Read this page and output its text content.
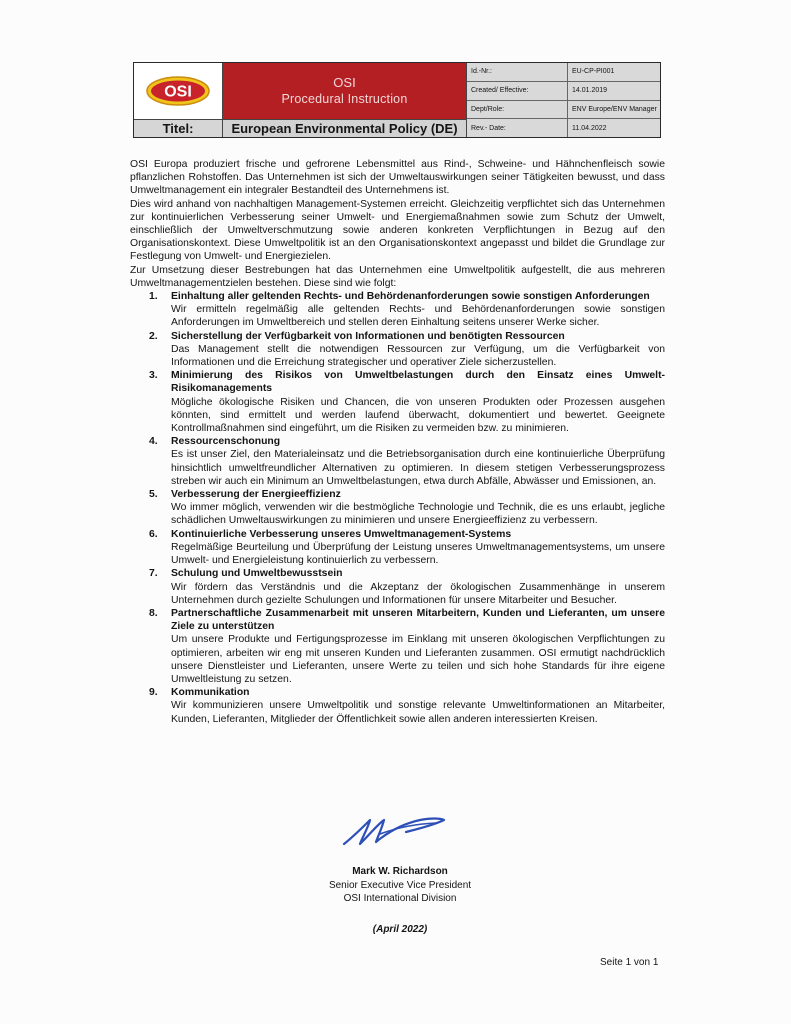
OSI
Titel:
OSI
Procedural Instruction
European Environmental Policy (DE)
Id.-Nr.:	EU-CP-PI001
Created/ Effective:	14.01.2019
Dept/Role:	ENV Europe/ENV Manager
Rev.- Date:	11.04.2022

OSI Europa produziert frische und gefrorene Lebensmittel aus Rind-, Schweine- und Hähnchenfleisch sowie pflanzlichen Rohstoffen. Das Unternehmen ist sich der Umweltauswirkungen seiner Tätigkeiten bewusst, und dass Umweltmanagement ein integraler Bestandteil des Unternehmens ist.

Dies wird anhand von nachhaltigen Management-Systemen erreicht. Gleichzeitig verpflichtet sich das Unternehmen zur kontinuierlichen Verbesserung seiner Umwelt- und Energiemaßnahmen sowie zum Schutz der Umwelt, einschließlich der Umweltverschmutzung sowie anderen konkreten Verpflichtungen in Bezug auf den Organisationskontext. Diese Umweltpolitik ist an den Organisationskontext angepasst und bildet die Grundlage zur Festlegung von Umwelt- und Energiezielen.

Zur Umsetzung dieser Bestrebungen hat das Unternehmen eine Umweltpolitik aufgestellt, die aus mehreren Umweltmanagementzielen bestehen. Diese sind wie folgt:

1. Einhaltung aller geltenden Rechts- und Behördenanforderungen sowie sonstigen Anforderungen
Wir ermitteln regelmäßig alle geltenden Rechts- und Behördenanforderungen sowie sonstigen Anforderungen im Umweltbereich und stellen deren Einhaltung seitens unserer Werke sicher.
2. Sicherstellung der Verfügbarkeit von Informationen und benötigten Ressourcen
Das Management stellt die notwendigen Ressourcen zur Verfügung, um die Verfügbarkeit von Informationen und die Erreichung strategischer und operativer Ziele sicherzustellen.
3. Minimierung des Risikos von Umweltbelastungen durch den Einsatz eines Umwelt-Risikomanagements
Mögliche ökologische Risiken und Chancen, die von unseren Produkten oder Prozessen ausgehen könnten, sind ermittelt und werden laufend überwacht, dokumentiert und bewertet. Geeignete Kontrollmaßnahmen sind eingeführt, um die Risiken zu vermeiden bzw. zu minimieren.
4. Ressourcenschonung
Es ist unser Ziel, den Materialeinsatz und die Betriebsorganisation durch eine kontinuierliche Überprüfung hinsichtlich umweltfreundlicher Alternativen zu optimieren. In diesem stetigen Verbesserungsprozess streben wir auch ein Minimum an Umweltbelastungen, etwa durch Abfälle, Abwässer und Emissionen, an.
5. Verbesserung der Energieeffizienz
Wo immer möglich, verwenden wir die bestmögliche Technologie und Technik, die es uns erlaubt, jegliche schädlichen Umweltauswirkungen zu minimieren und unsere Energieeffizienz zu verbessern.
6. Kontinuierliche Verbesserung unseres Umweltmanagement-Systems
Regelmäßige Beurteilung und Überprüfung der Leistung unseres Umweltmanagementsystems, um unsere Umwelt- und Energieleistung kontinuierlich zu verbessern.
7. Schulung und Umweltbewusstsein
Wir fördern das Verständnis und die Akzeptanz der ökologischen Zusammenhänge in unserem Unternehmen durch gezielte Schulungen und Informationen für unsere Mitarbeiter und Besucher.
8. Partnerschaftliche Zusammenarbeit mit unseren Mitarbeitern, Kunden und Lieferanten, um unsere Ziele zu unterstützen
Um unsere Produkte und Fertigungsprozesse im Einklang mit unseren ökologischen Verpflichtungen zu optimieren, arbeiten wir eng mit unseren Kunden und Lieferanten zusammen. OSI ermutigt nachdrücklich unsere Dienstleister und Lieferanten, unsere Werte zu teilen und sich hohe Standards für ihre eigene Umweltleistung zu setzen.
9. Kommunikation
Wir kommunizieren unsere Umweltpolitik und sonstige relevante Umweltinformationen an Mitarbeiter, Kunden, Lieferanten, Mitglieder der Öffentlichkeit sowie allen anderen interessierten Kreisen.
Mark W. Richardson
Senior Executive Vice President
OSI International Division
(April 2022)
Seite 1 von 1
